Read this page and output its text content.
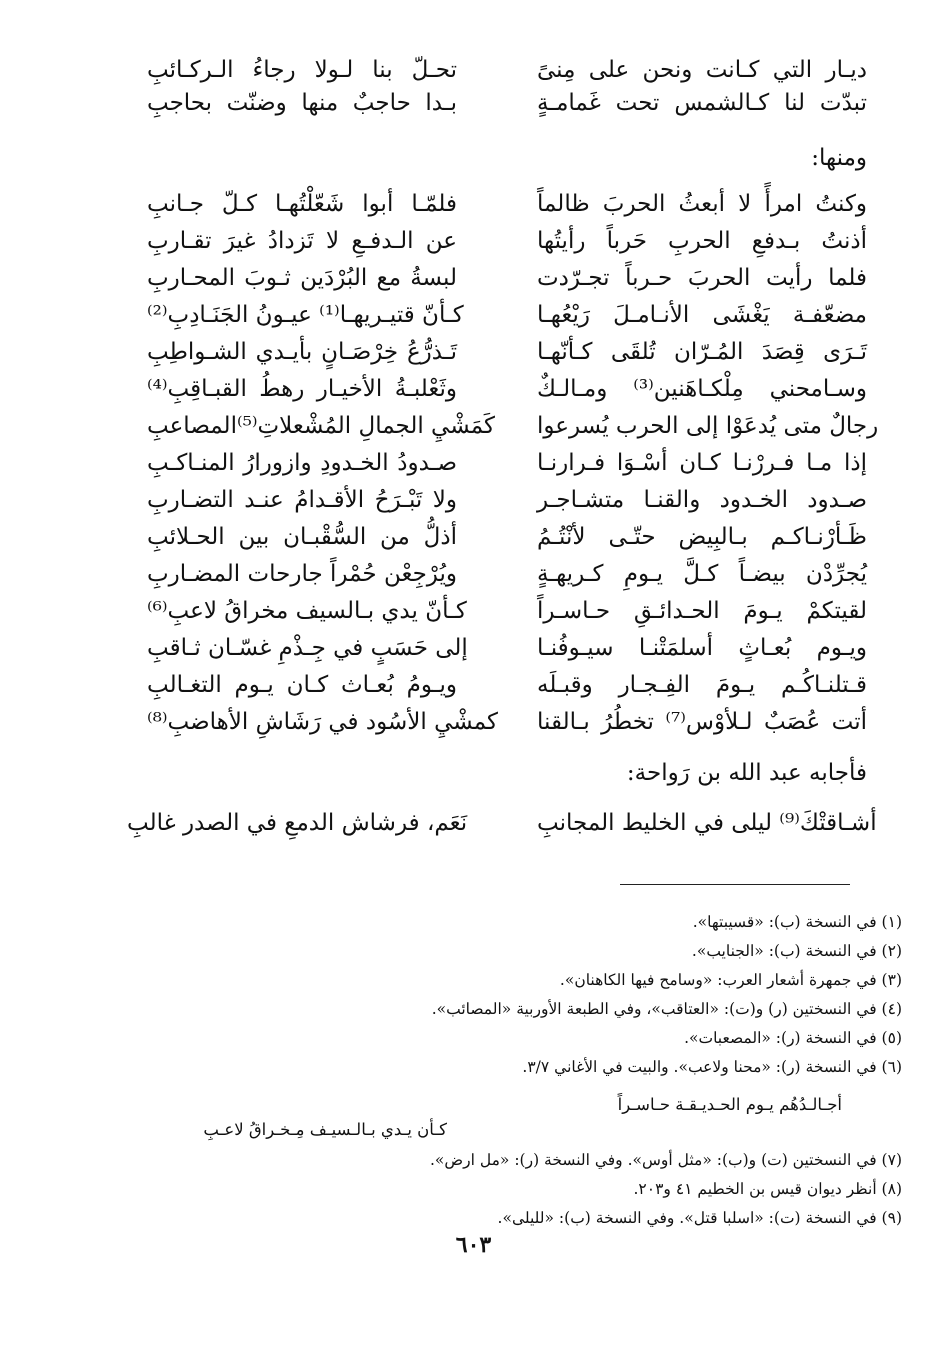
ديـار التي كـانت ونحن على مِنىً
تحـلّ بنا لـولا رجاءُ الـركـائبِ
تبدّت لنا كـالشمس تحت غَمامـةٍ
بـدا حاجبٌ منها وضنّت بحاجبِ
ومنها:
وكنتُ امرأً لا أبعثُ الحربَ ظالماً
فلمّـا أبوا شَعّلْتُهـا كـلّ جـانبِ
أذنتُ بـدفعِ الحربِ حَرباً رأيتُها
عن الـدفـعِ لا تَزدادُ غيرَ تقـاربِ
فلما رأيت الحربَ حـرباً تجـرّدت
لبسةُ مع البُرْدَين ثـوبَ المحـاربِ
مضعّفـة يَغْشَى الأنـامـلَ رَيْعُهـا
كـأنّ قتيـريهـا⁽¹⁾ عيـونُ الجَنَـادِبِ⁽²⁾
تَـرَى قِصَدَ المُـرّان تُلقَى كـأنّهـا
تَـذرُّعُ خِرْصَـانٍ بأيـدي الشـواطِبِ
وسـامحني مِلْكـاهَنين⁽³⁾ ومـالـكٌ
وثَعْلبـةُ الأخيـار رهطُ القبـاقِبِ⁽⁴⁾
رجالٌ متى يُدعَوْا إلى الحرب يُسرعوا
كَمَشْيِ الجمالِ المُشْعلاتِ⁽⁵⁾المصاعبِ
إذا مـا فـررْنـا كـان أسْـوَا فـرارنـا
صـدودُ الخـدودِ وازورارُ المنـاكـبِ
صـدود الخـدود والقنـا متشـاجـر
ولا تَبْـرَحُ الأقـدامُ عنـد التضـاربِ
ظَـأرْنـاكـم بـالبِيض حتّـى لأنْتُـمُ
أذلُّ من السُّقْبـان بين الحـلائبِ
يُجرِّدْن بيضـاً كـلَّ يـومِ كـريهـةٍ
ويُرْجِعْن حُمْراً جارحات المضـاربِ
لقيتكمْ يـومَ الحـدائـقِ حـاسـراً
كـأنّ يدي بـالسيف مخراقُ لاعبِ⁽⁶⁾
ويـوم بُعـاثٍ أسلمَتْنـا سيـوفُنـا
إلى حَسَبٍ في جِـذْمِ غسّـان ثـاقبِ
قـتلنـاكُـم يـومَ الفِـجـار وقبـلَه
ويـومُ بُعـاث كـان يـوم التغـالبِ
أتت عُصَبٌ لـلأوْس⁽⁷⁾ تخطُرُ بـالقنا
كمشْيِ الأسُود في رَشَاشِ الأهاضبِ⁽⁸⁾
فأجابه عبد الله بن رَواحة:
أشـاقتْكَ⁽⁹⁾ ليلى في الخليط المجانبِ
نَعَم، فرشاش الدمعِ في الصدر غالبِ
(١) في النسخة (ب): «قسيبتها».
(٢) في النسخة (ب): «الجنايب».
(٣) في جمهرة أشعار العرب: «وسامح فيها الكاهنان».
(٤) في النسختين (ر) و(ت): «العتاقب»، وفي الطبعة الأوربية «المصائب».
(٥) في النسخة (ر): «المصعبات».
(٦) في النسخة (ر): «محنا ولاعب». والبيت في الأغاني ٣/٧.
أجـالـدُهُم يـوم الحـديـقـة حـاسـراً
كـأن يـدي بـالـسيـف مِـخـراقُ لاعـبِ
(٧) في النسختين (ت) و(ب): «مثل أوس». وفي النسخة (ر): «مل ارض».
(٨) أنظر ديوان قيس بن الخطيم ٤١ و٢٠٣.
(٩) في النسخة (ت): «اسلبا قتل». وفي النسخة (ب): «لليلى».
٦٠٣
